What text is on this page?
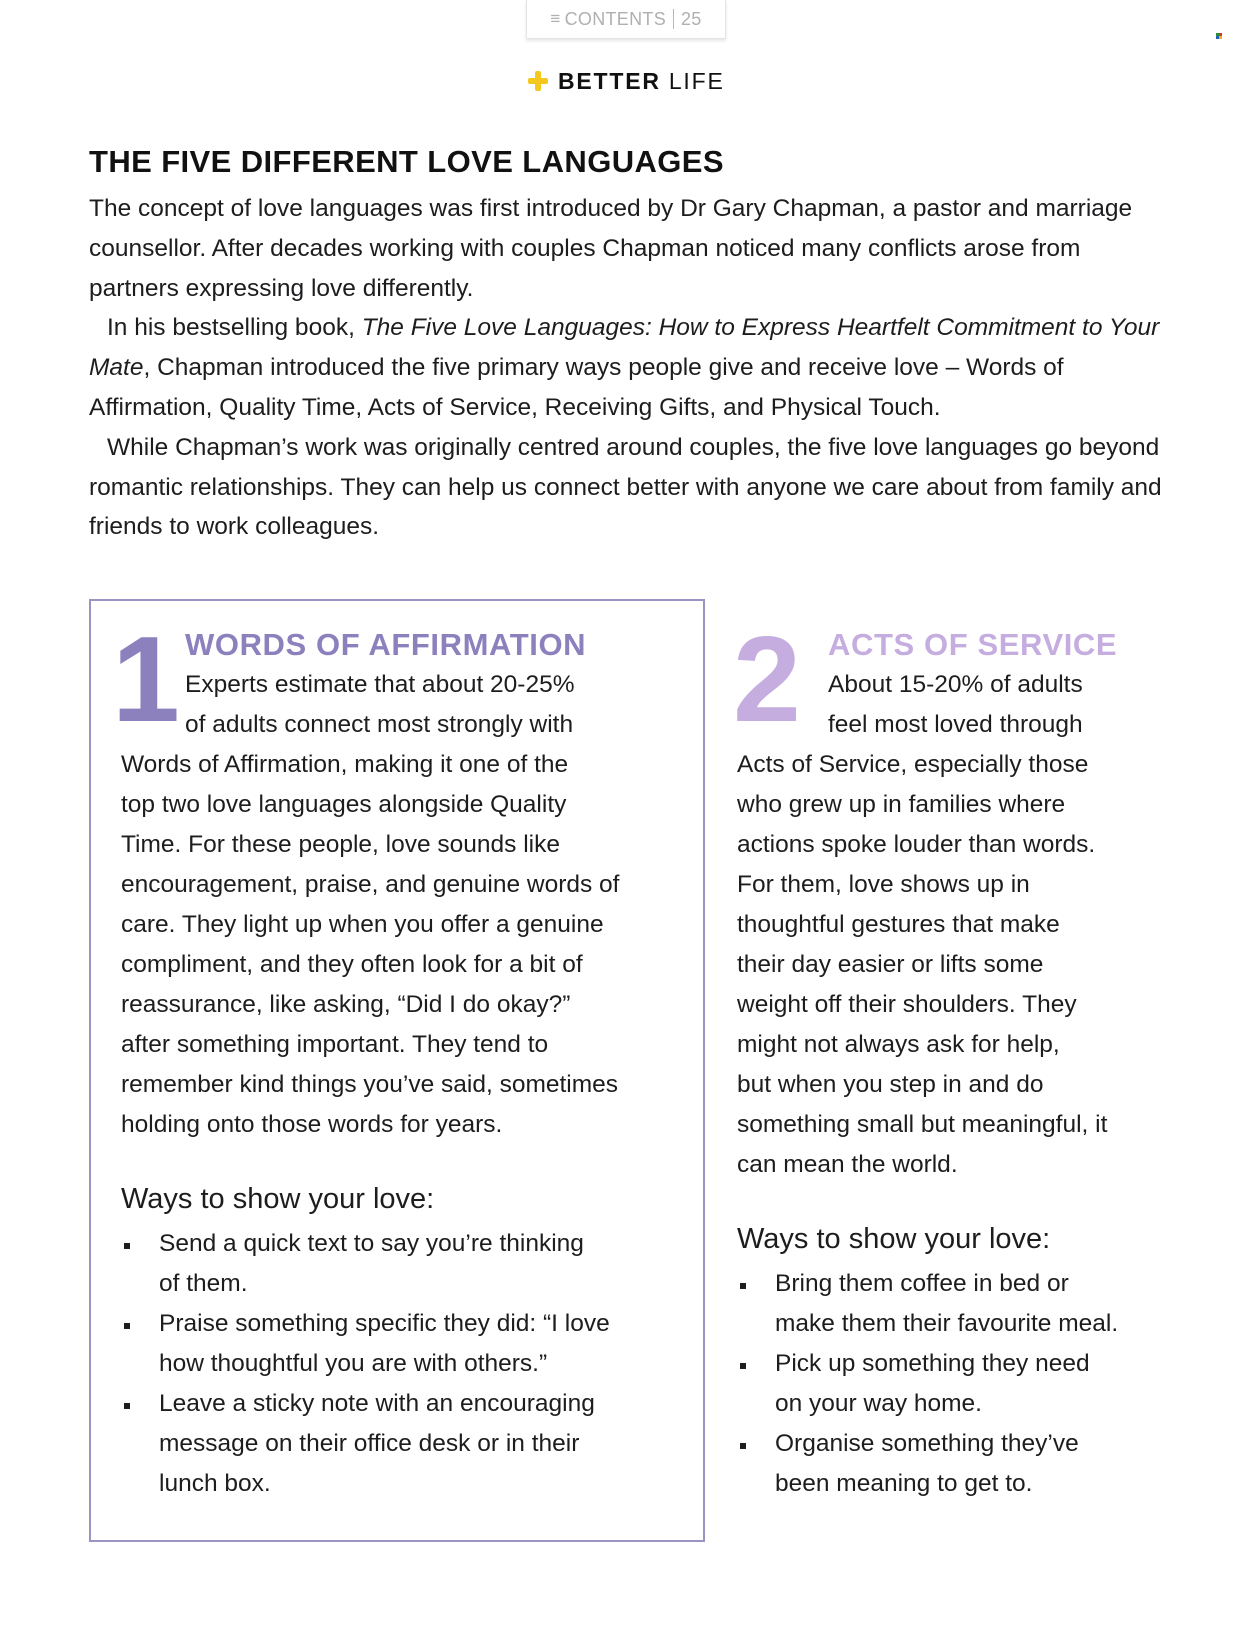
≡ CONTENTS 25
BETTER LIFE
THE FIVE DIFFERENT LOVE LANGUAGES

The concept of love languages was first introduced by Dr Gary Chapman, a pastor and marriage counsellor. After decades working with couples Chapman noticed many conflicts arose from partners expressing love differently.

In his bestselling book, The Five Love Languages: How to Express Heartfelt Commitment to Your Mate, Chapman introduced the five primary ways people give and receive love – Words of Affirmation, Quality Time, Acts of Service, Receiving Gifts, and Physical Touch.

While Chapman’s work was originally centred around couples, the five love languages go beyond romantic relationships. They can help us connect better with anyone we care about from family and friends to work colleagues.

1 WORDS OF AFFIRMATION

Experts estimate that about 20-25%

of adults connect most strongly with

Words of Affirmation, making it one of the

top two love languages alongside Quality

Time. For these people, love sounds like

encouragement, praise, and genuine words of

care. They light up when you offer a genuine

compliment, and they often look for a bit of

reassurance, like asking, “Did I do okay?”

after something important. They tend to

remember kind things you’ve said, sometimes

holding onto those words for years.

Ways to show your love:

Send a quick text to say you’re thinking

of them.

Praise something specific they did: “I love

how thoughtful you are with others.”

Leave a sticky note with an encouraging

message on their office desk or in their

lunch box.

2 ACTS OF SERVICE

About 15-20% of adults

feel most loved through

Acts of Service, especially those

who grew up in families where

actions spoke louder than words.

For them, love shows up in

thoughtful gestures that make

their day easier or lifts some

weight off their shoulders. They

might not always ask for help,

but when you step in and do

something small but meaningful, it

can mean the world.

Ways to show your love:

Bring them coffee in bed or

make them their favourite meal.

Pick up something they need

on your way home.

Organise something they’ve

been meaning to get to.
